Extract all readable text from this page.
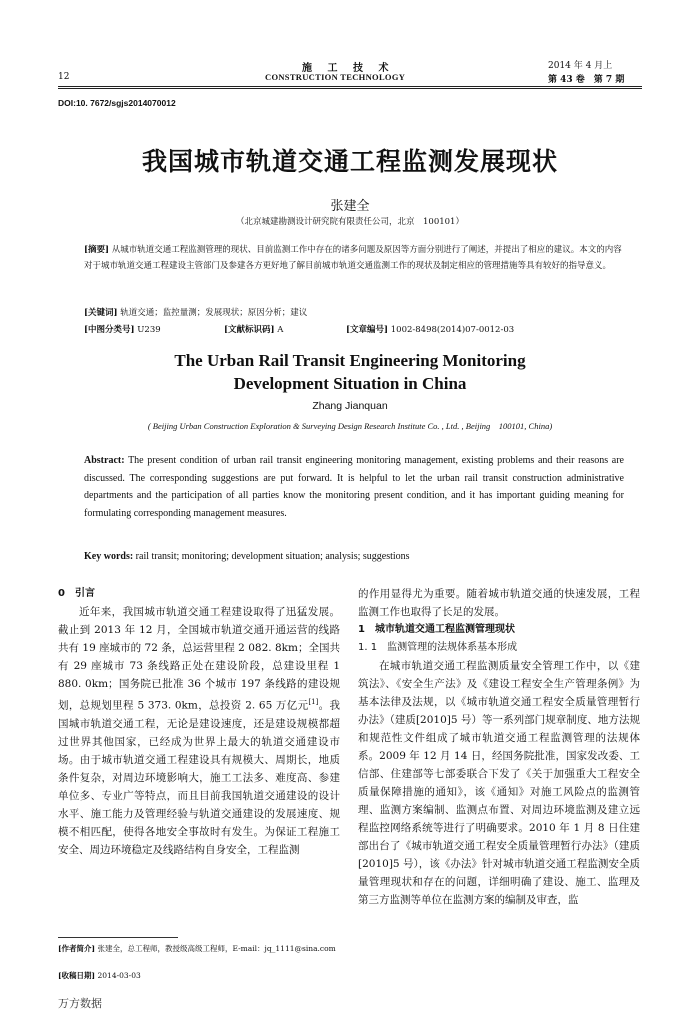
施 工 技 术
CONSTRUCTION TECHNOLOGY
12
2014 年 4 月上
第 43 卷　第 7 期
DOI:10. 7672/sgjs2014070012
我国城市轨道交通工程监测发展现状
张建全
（北京城建勘测设计研究院有限责任公司，北京　100101）
[摘要] 从城市轨道交通工程监测管理的现状、目前监测工作中存在的诸多问题及原因等方面分别进行了阐述，并提出了相应的建议。本文的内容对于城市轨道交通工程建设主管部门及参建各方更好地了解目前城市轨道交通监测工作的现状及制定相应的管理措施等具有较好的指导意义。
[关键词] 轨道交通；监控量测；发展现状；原因分析；建议
[中图分类号] U239	[文献标识码] A	[文章编号] 1002-8498(2014)07-0012-03
The Urban Rail Transit Engineering Monitoring
Development Situation in China
Zhang Jianquan
( Beijing Urban Construction Exploration & Surveying Design Research Institute Co. , Ltd. , Beijing　100101, China)
Abstract: The present condition of urban rail transit engineering monitoring management, existing problems and their reasons are discussed. The corresponding suggestions are put forward. It is helpful to let the urban rail transit construction administrative departments and the participation of all parties know the monitoring present condition, and it has important guiding meaning for formulating corresponding management measures.
Key words: rail transit; monitoring; development situation; analysis; suggestions
0　引言

近年来，我国城市轨道交通工程建设取得了迅猛发展。截止到 2013 年 12 月，全国城市轨道交通开通运营的线路共有 19 座城市的 72 条，总运营里程 2 082. 8km；全国共有 29 座城市 73 条线路正处在建设阶段，总建设里程 1 880. 0km；国务院已批准 36 个城市 197 条线路的建设规划，总规划里程 5 373. 0km，总投资 2. 65 万亿元[1]。我国城市轨道交通工程，无论是建设速度，还是建设规模都超过世界其他国家，已经成为世界上最大的轨道交通建设市场。由于城市轨道交通工程建设具有规模大、周期长，地质条件复杂，对周边环境影响大，施工工法多、难度高、参建单位多、专业广等特点，而且目前我国轨道交通建设的设计水平、施工能力及管理经验与轨道交通建设的发展速度、规模不相匹配，使得各地安全事故时有发生。为保证工程施工安全、周边环境稳定及线路结构自身安全，工程监测

的作用显得尤为重要。随着城市轨道交通的快速发展，工程监测工作也取得了长足的发展。

1　城市轨道交通工程监测管理现状
1. 1　监测管理的法规体系基本形成

在城市轨道交通工程监测质量安全管理工作中，以《建筑法》、《安全生产法》及《建设工程安全生产管理条例》为基本法律及法规，以《城市轨道交通工程安全质量管理暂行办法》（建质[2010]5 号）等一系列部门规章制度、地方法规和规范性文件组成了城市轨道交通工程监测管理的法规体系。2009 年 12 月 14 日，经国务院批准，国家发改委、工信部、住建部等七部委联合下发了《关于加强重大工程安全质量保障措施的通知》，该《通知》对施工风险点的监测管理、监测方案编制、监测点布置、对周边环境监测及建立远程监控网络系统等进行了明确要求。2010 年 1 月 8 日住建部出台了《城市轨道交通工程安全质量管理暂行办法》（建质[2010]5 号），该《办法》针对城市轨道交通工程监测安全质量管理现状和存在的问题，详细明确了建设、施工、监理及第三方监测等单位在监测方案的编制及审查，监

[作者简介] 张建全，总工程师，教授级高级工程师，E-mail：jq_1111@sina.com
[收稿日期] 2014-03-03
万方数据
